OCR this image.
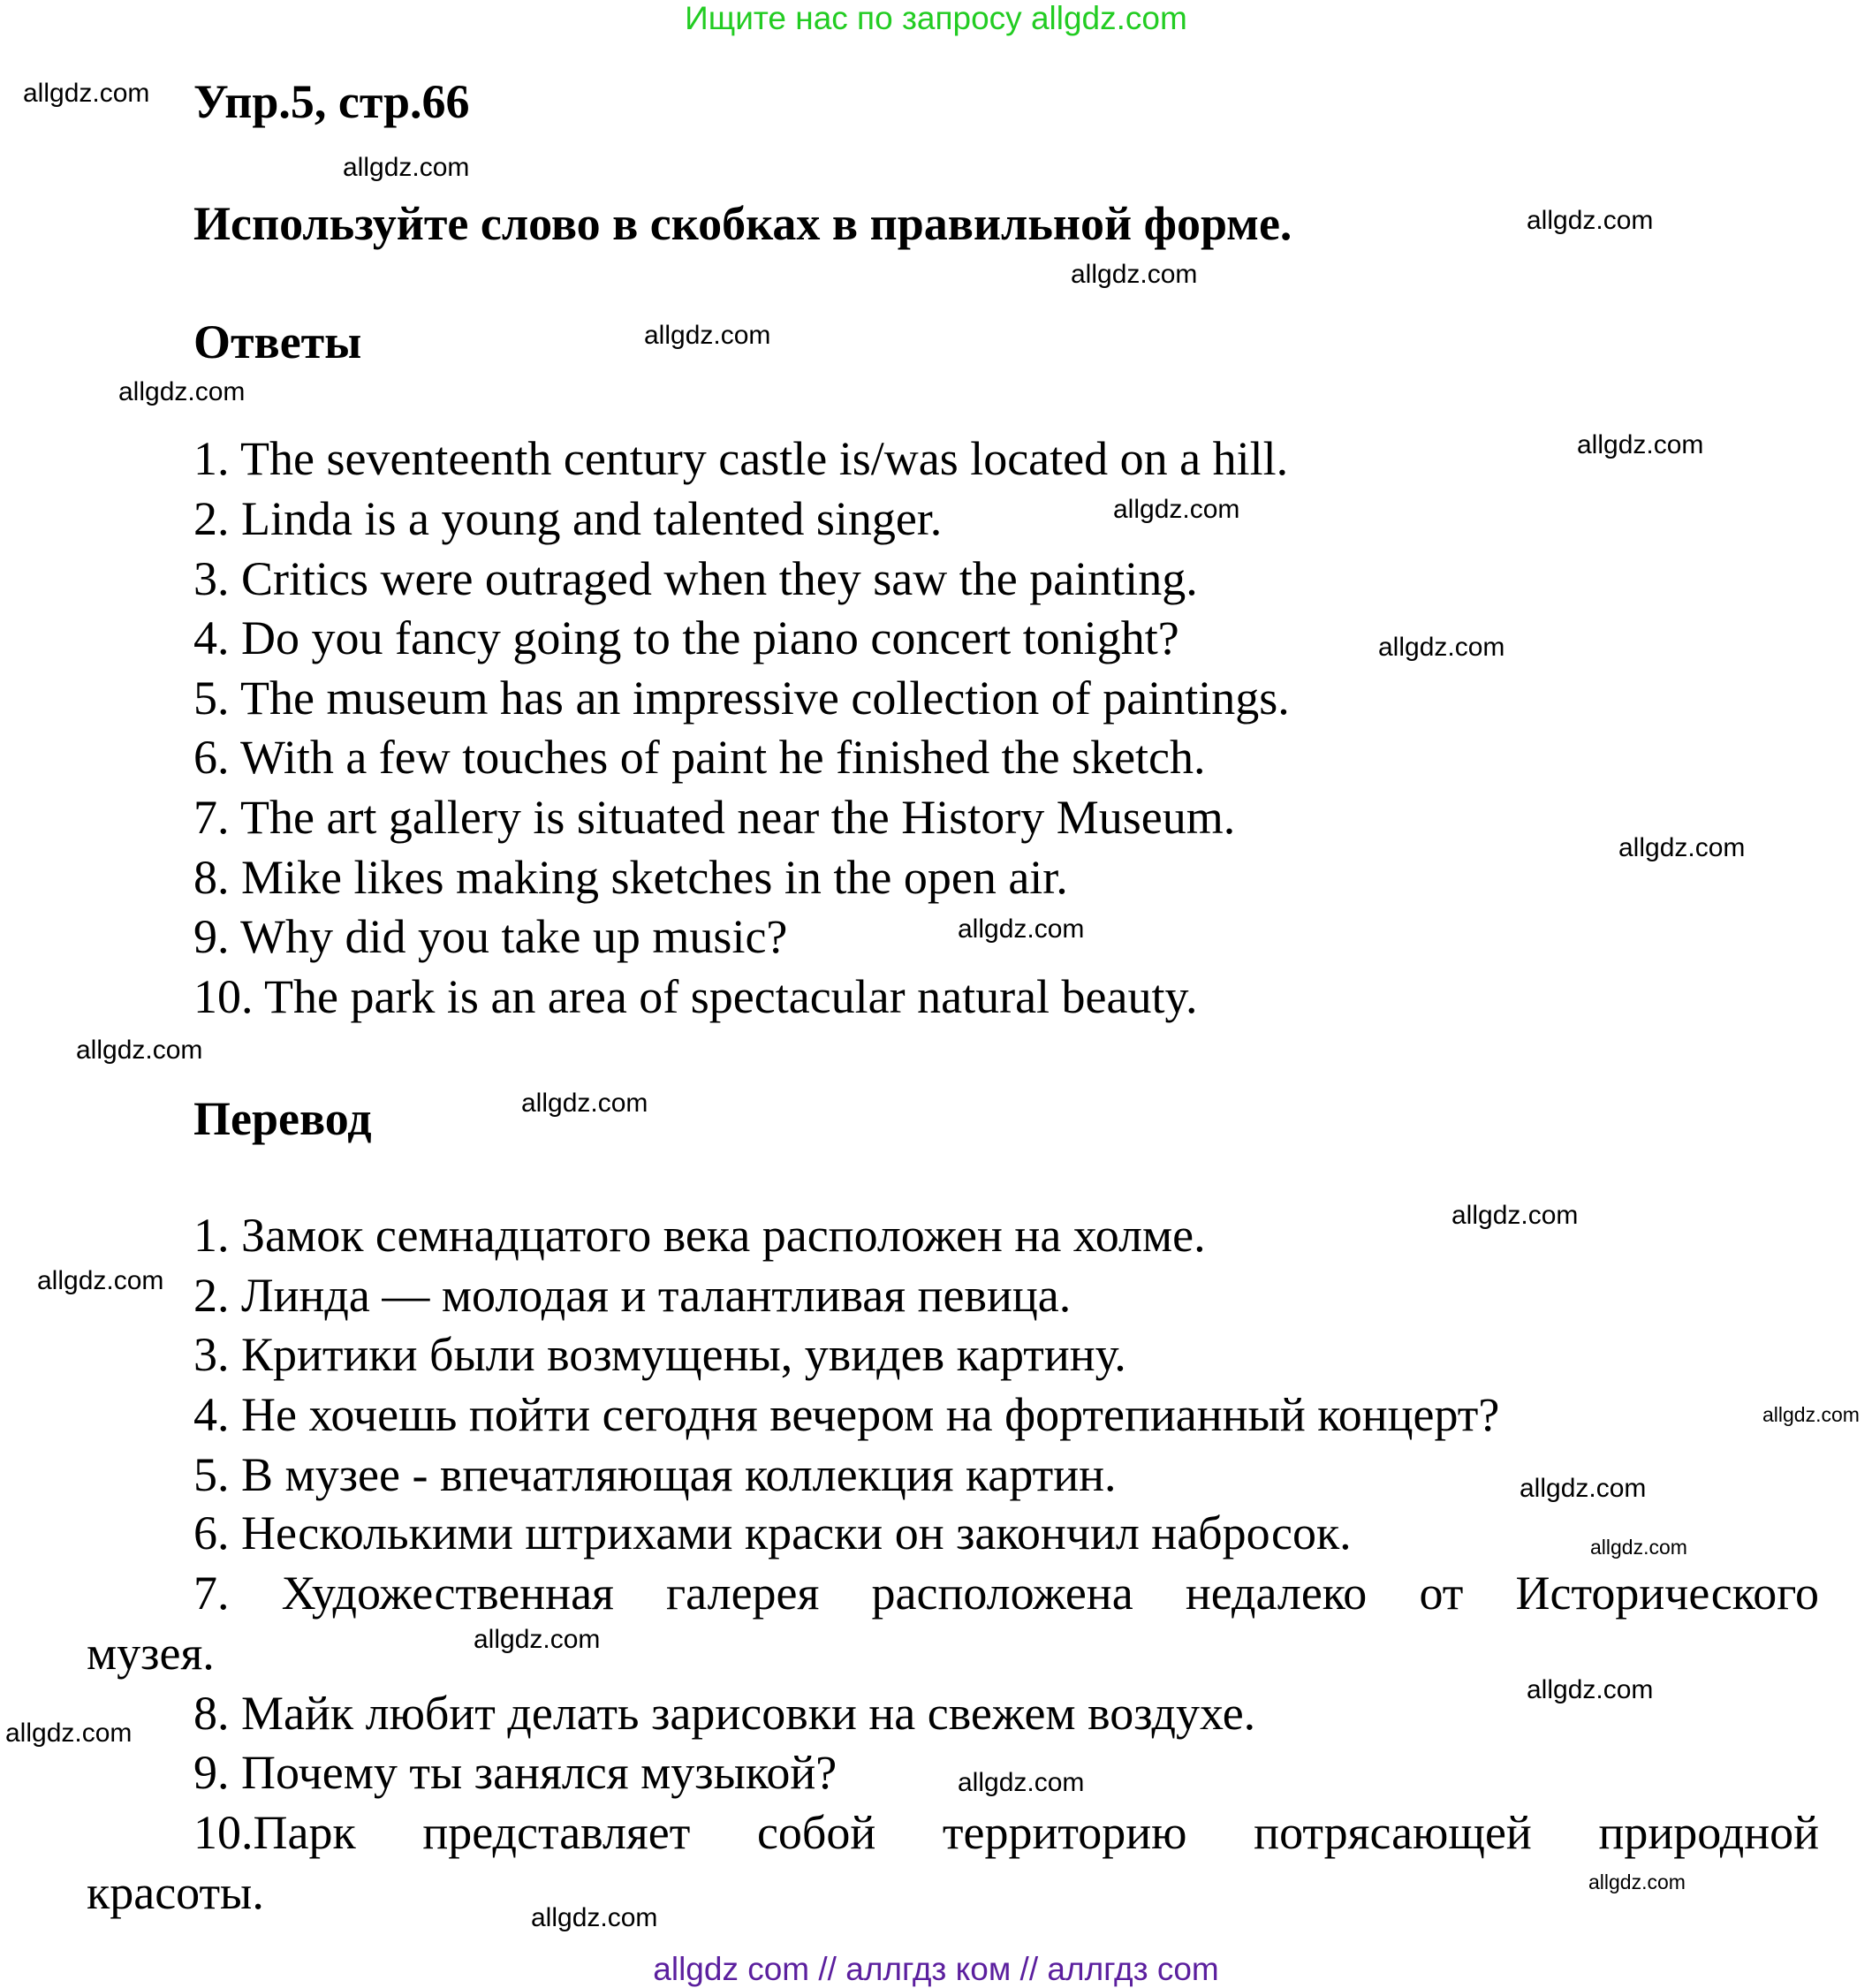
Ищите нас по запросу allgdz.com
Упр.5, стр.66
Используйте слово в скобках в правильной форме.
Ответы
1. The seventeenth century castle is/was located on a hill.
2. Linda is a young and talented singer.
3. Critics were outraged when they saw the painting.
4. Do you fancy going to the piano concert tonight?
5. The museum has an impressive collection of paintings.
6. With a few touches of paint he finished the sketch.
7. The art gallery is situated near the History Museum.
8. Mike likes making sketches in the open air.
9. Why did you take up music?
10. The park is an area of spectacular natural beauty.
Перевод
1. Замок семнадцатого века расположен на холме.
2. Линда — молодая и талантливая певица.
3. Критики были возмущены, увидев картину.
4. Не хочешь пойти сегодня вечером на фортепианный концерт?
5. В музее - впечатляющая коллекция картин.
6. Несколькими штрихами краски он закончил набросок.
7. Художественная галерея расположена недалеко от Исторического
музея.
8. Майк любит делать зарисовки на свежем воздухе.
9. Почему ты занялся музыкой?
10.Парк представляет собой территорию потрясающей природной
красоты.
allgdz.com
allgdz.com
allgdz.com
allgdz.com
allgdz.com
allgdz.com
allgdz.com
allgdz.com
allgdz.com
allgdz.com
allgdz.com
allgdz.com
allgdz.com
allgdz.com
allgdz.com
allgdz.com
allgdz.com
allgdz.com
allgdz.com
allgdz.com
allgdz.com
allgdz.com
allgdz.com
allgdz.com
allgdz com // аллгдз ком // аллгдз com
